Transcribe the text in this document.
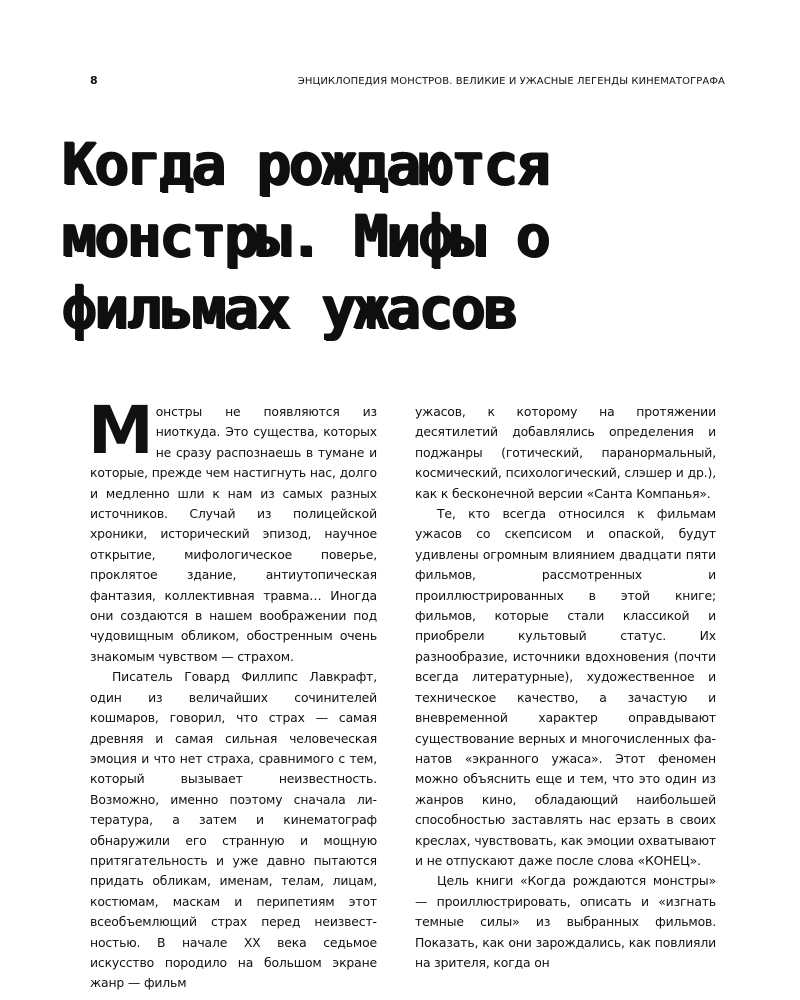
8	ЭНЦИКЛОПЕДИЯ МОНСТРОВ. ВЕЛИКИЕ И УЖАСНЫЕ ЛЕГЕНДЫ КИНЕМАТОГРАФА
Когда рождаются
монстры. Мифы о
фильмах ужасов

Монстры не появляются из ниоткуда. Это существа, которых не сразу распознаешь в тумане и которые, прежде чем настигнуть нас, долго и медленно шли к нам из самых разных источников. Случай из полицейской хроники, исторический эпизод, научное открытие, мифологическое поверье, проклятое здание, антиутопическая фантазия, коллективная травма… Иногда они создаются в нашем воображении под чудовищным обликом, обостренным очень знакомым чувством — страхом.

Писатель Говард Филлипс Лавкрафт, один из величайших сочинителей кошмаров, говорил, что страх — самая древняя и самая сильная человеческая эмоция и что нет страха, сравнимого с тем, который вызывает неизвестность. Возможно, именно поэтому сначала литература, а затем и кинематограф обнаружили его странную и мощную притягательность и уже давно пытаются придать обликам, именам, телам, лицам, костюмам, маскам и перипетиям этот всеобъемлющий страх перед неизвестностью. В начале XX века седьмое искусство породило на большом экране жанр — фильм

ужасов, к которому на протяжении десятилетий добавлялись определения и поджанры (готический, паранормальный, космический, психологический, слэшер и др.), как к бесконечной версии «Санта Компанья».

Те, кто всегда относился к фильмам ужасов со скепсисом и опаской, будут удивлены огромным влиянием двадцати пяти фильмов, рассмотренных и проиллюстрированных в этой книге; фильмов, которые стали классикой и приобрели культовый статус. Их разнообразие, источники вдохновения (почти всегда литературные), художественное и техническое качество, а зачастую и вневременной характер оправдывают существование верных и многочисленных фанатов «экранного ужаса». Этот феномен можно объяснить еще и тем, что это один из жанров кино, обладающий наибольшей способностью заставлять нас ерзать в своих креслах, чувствовать, как эмоции охватывают и не отпускают даже после слова «КОНЕЦ».

Цель книги «Когда рождаются монстры» — проиллюстрировать, описать и «изгнать темные силы» из выбранных фильмов. Показать, как они зарождались, как повлияли на зрителя, когда он
